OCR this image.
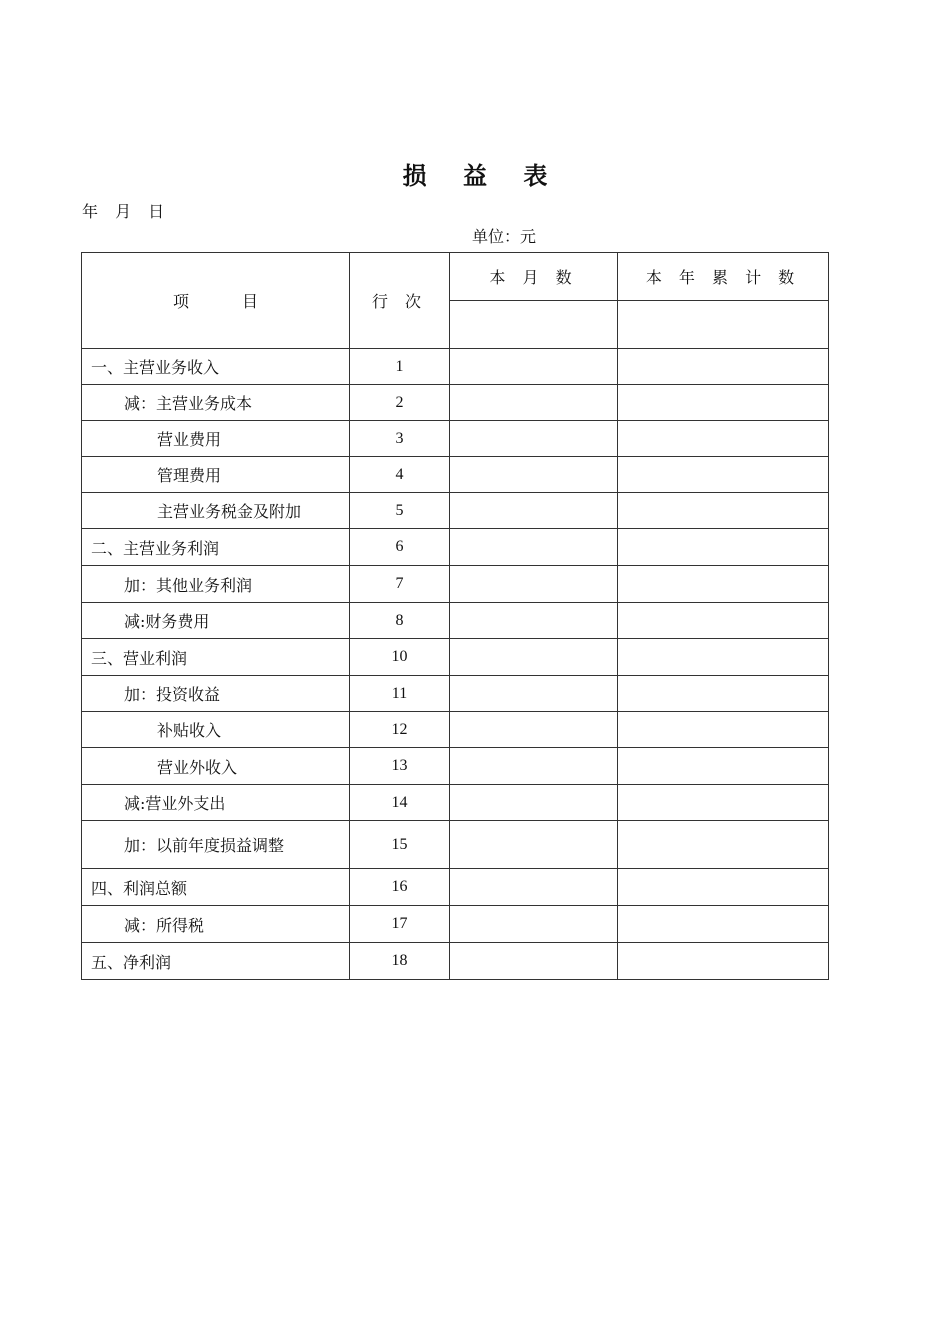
损 益 表
年 月 日
单位：元
项 目	行 次	本 月 数	本 年 累 计 数

一、主营业务收入	1		
减：主营业务成本	2		
营业费用	3		
管理费用	4		
主营业务税金及附加	5		
二、主营业务利润	6		
加：其他业务利润	7		
减:财务费用	8		
三、营业利润	10		
加：投资收益	11		
补贴收入	12		
营业外收入	13		
减:营业外支出	14		
加：以前年度损益调整	15		
四、利润总额	16		
减：所得税	17		
五、净利润	18		
